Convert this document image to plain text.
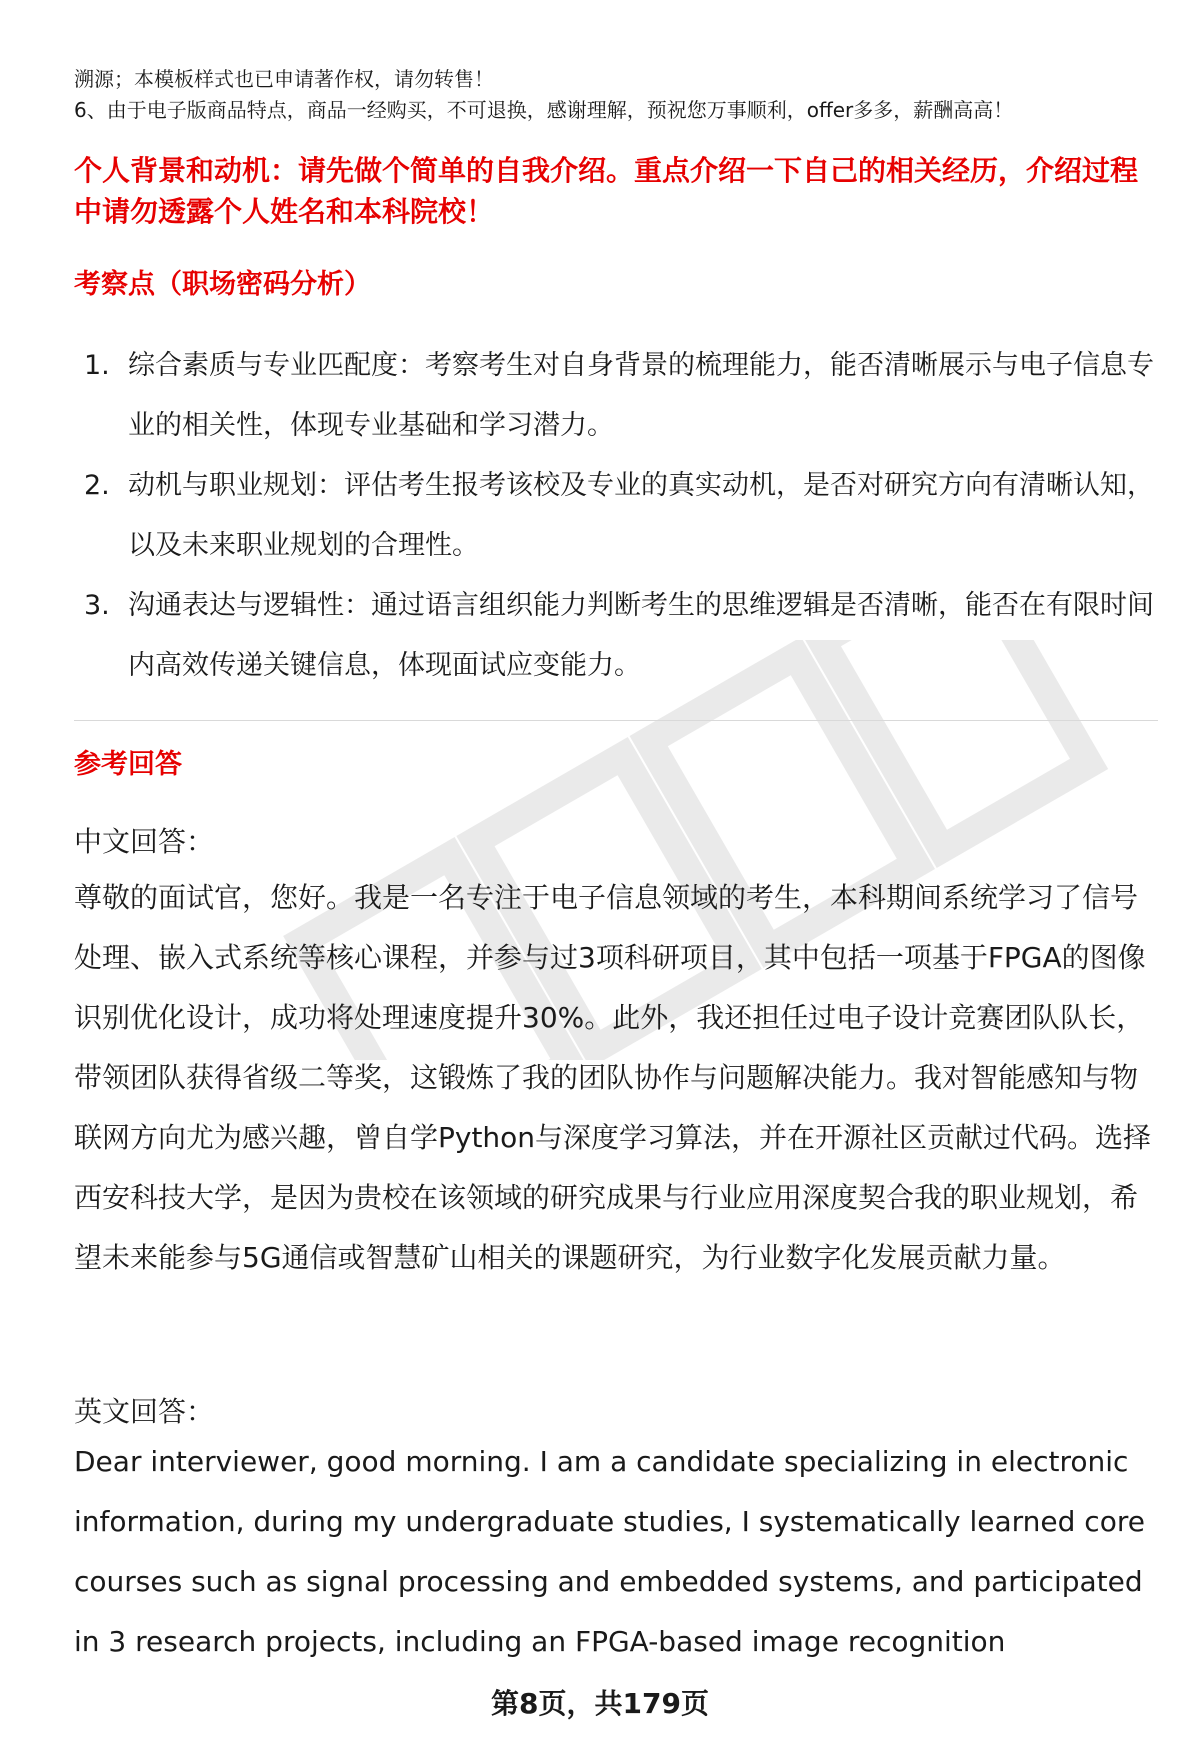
溯源；本模板样式也已申请著作权，请勿转售！
6、由于电子版商品特点，商品一经购买，不可退换，感谢理解，预祝您万事顺利，offer多多，薪酬高高！
个人背景和动机：请先做个简单的自我介绍。重点介绍一下自己的相关经历，介绍过程中请勿透露个人姓名和本科院校！
考察点（职场密码分析）
1. 综合素质与专业匹配度：考察考生对自身背景的梳理能力，能否清晰展示与电子信息专业的相关性，体现专业基础和学习潜力。
2. 动机与职业规划：评估考生报考该校及专业的真实动机，是否对研究方向有清晰认知，以及未来职业规划的合理性。
3. 沟通表达与逻辑性：通过语言组织能力判断考生的思维逻辑是否清晰，能否在有限时间内高效传递关键信息，体现面试应变能力。
参考回答
中文回答：
尊敬的面试官，您好。我是一名专注于电子信息领域的考生，本科期间系统学习了信号处理、嵌入式系统等核心课程，并参与过3项科研项目，其中包括一项基于FPGA的图像识别优化设计，成功将处理速度提升30%。此外，我还担任过电子设计竞赛团队队长，带领团队获得省级二等奖，这锻炼了我的团队协作与问题解决能力。我对智能感知与物联网方向尤为感兴趣，曾自学Python与深度学习算法，并在开源社区贡献过代码。选择西安科技大学，是因为贵校在该领域的研究成果与行业应用深度契合我的职业规划，希望未来能参与5G通信或智慧矿山相关的课题研究，为行业数字化发展贡献力量。
英文回答：
Dear interviewer, good morning. I am a candidate specializing in electronic information, during my undergraduate studies, I systematically learned core courses such as signal processing and embedded systems, and participated in 3 research projects, including an FPGA-based image recognition
第8页，共179页
